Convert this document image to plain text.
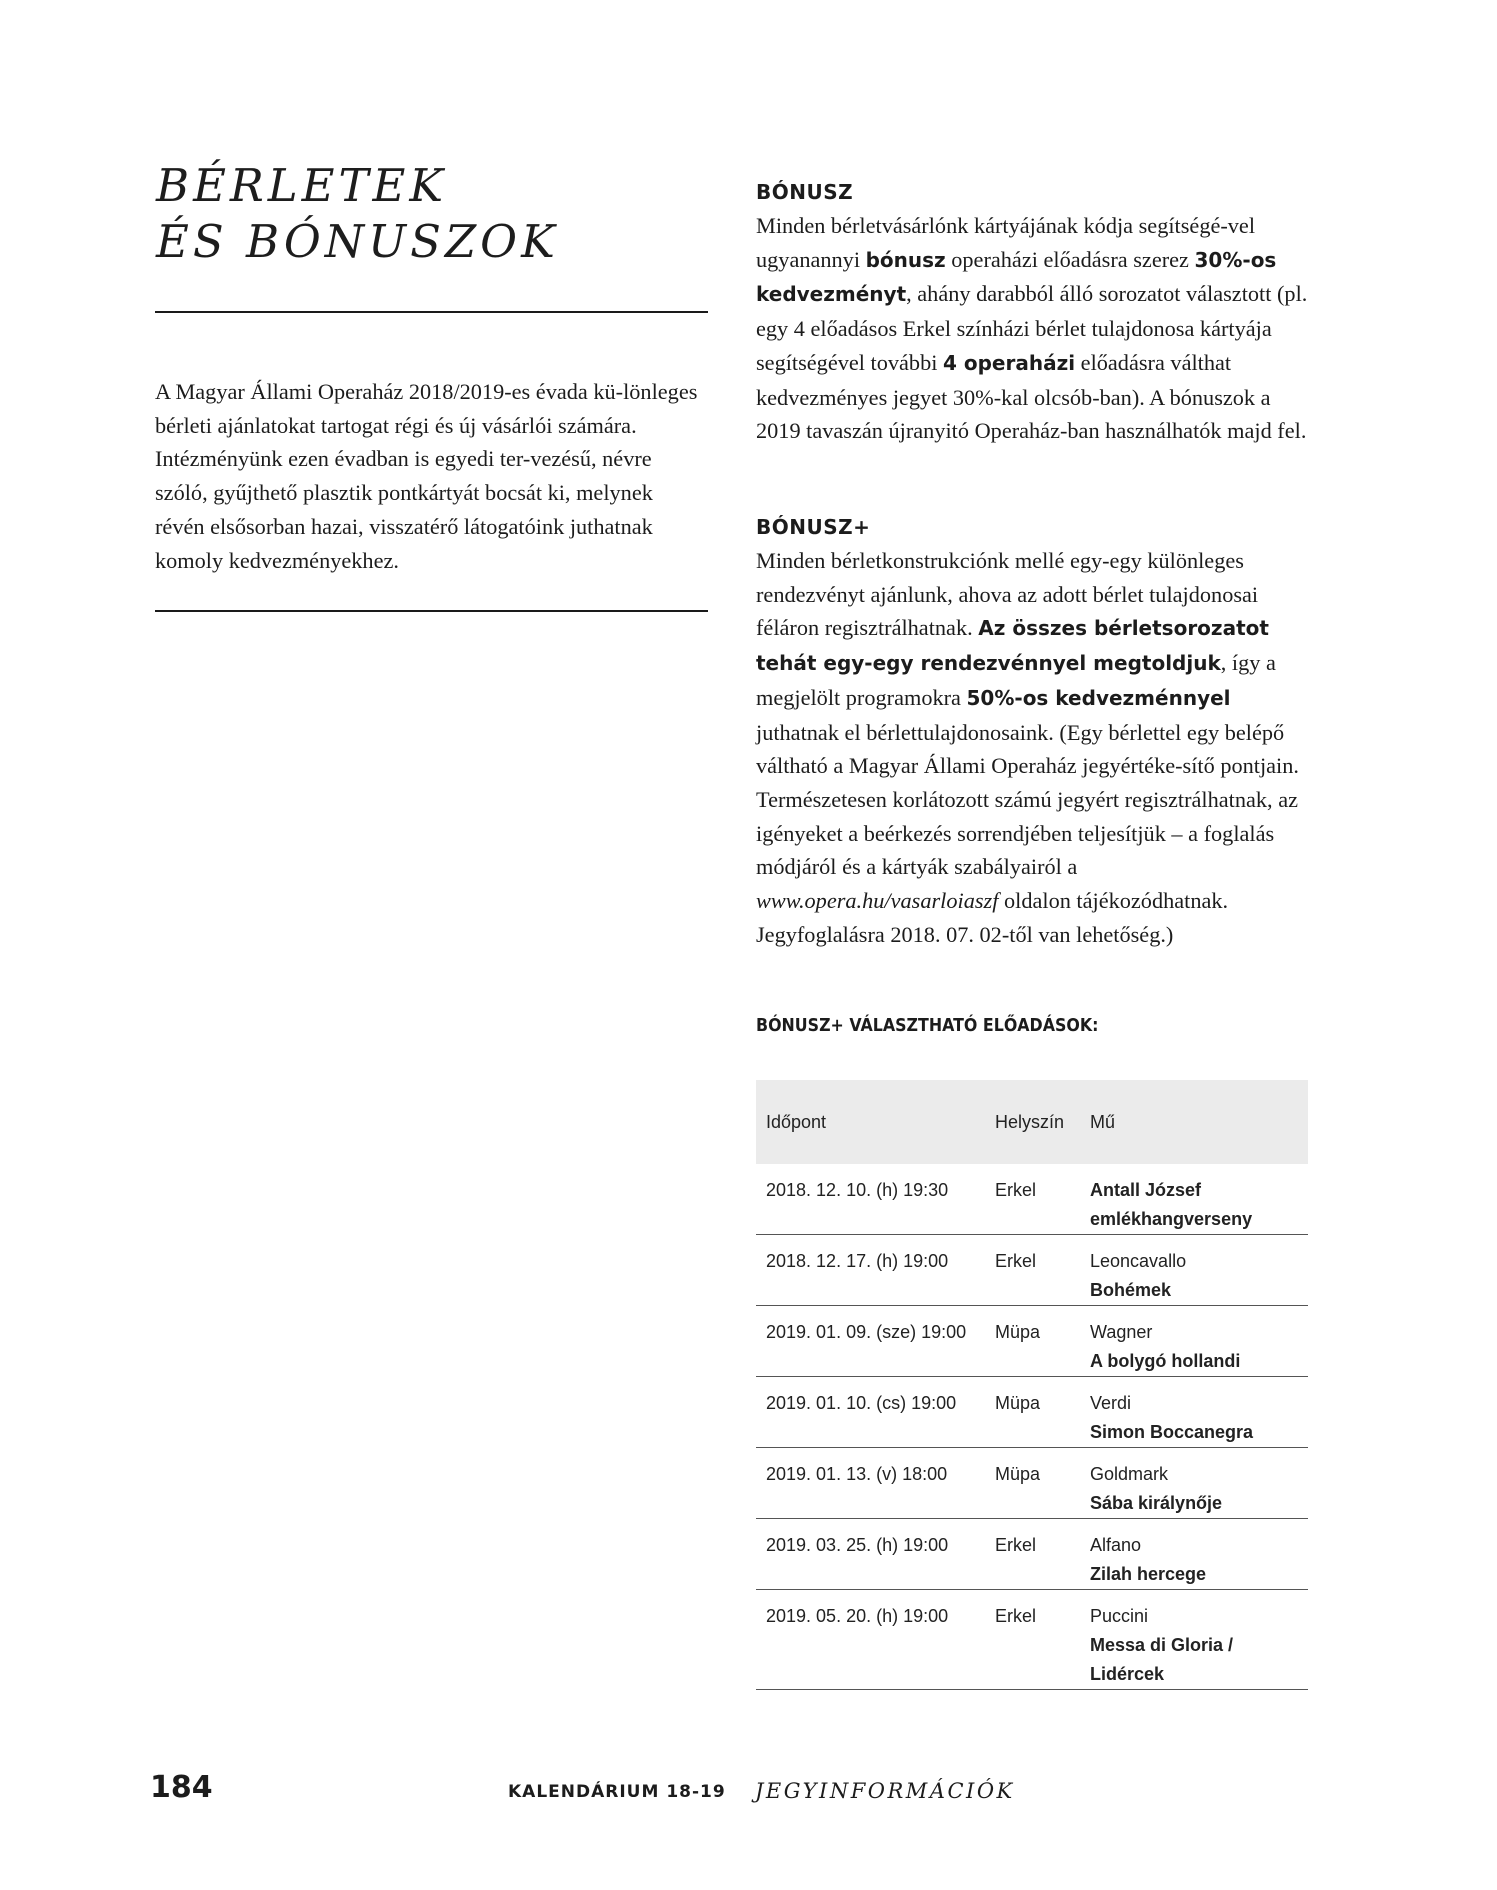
BÉRLETEK
ÉS BÓNUSZOK

A Magyar Állami Operaház 2018/2019-es évada kü-lönleges bérleti ajánlatokat tartogat régi és új vásárlói számára. Intézményünk ezen évadban is egyedi ter-vezésű, névre szóló, gyűjthető plasztik pontkártyát bocsát ki, melynek révén elsősorban hazai, visszatérő látogatóink juthatnak komoly kedvezményekhez.

BÓNUSZ

Minden bérletvásárlónk kártyájának kódja segítségé-vel ugyanannyi bónusz operaházi előadásra szerez 30%-os kedvezményt, ahány darabból álló sorozatot választott (pl. egy 4 előadásos Erkel színházi bérlet tulajdonosa kártyája segítségével további 4 operaházi előadásra válthat kedvezményes jegyet 30%-kal olcsób-ban). A bónuszok a 2019 tavaszán újranyitó Operaház-ban használhatók majd fel.

BÓNUSZ+

Minden bérletkonstrukciónk mellé egy-egy különleges rendezvényt ajánlunk, ahova az adott bérlet tulajdonosai féláron regisztrálhatnak. Az összes bérletsorozatot tehát egy-egy rendezvénnyel megtoldjuk, így a megjelölt programokra 50%-os kedvezménnyel juthatnak el bérlettulajdonosaink. (Egy bérlettel egy belépő váltható a Magyar Állami Operaház jegyértéke-sítő pontjain. Természetesen korlátozott számú jegyért regisztrálhatnak, az igényeket a beérkezés sorrendjében teljesítjük – a foglalás módjáról és a kártyák szabályairól a www.opera.hu/vasarloiaszf oldalon tájékozódhatnak. Jegyfoglalásra 2018. 07. 02-től van lehetőség.)

BÓNUSZ+ VÁLASZTHATÓ ELŐADÁSOK:

Időpont	Helyszín	Mű
2018. 12. 10. (h) 19:30	Erkel	Antall József emlékhangverseny

2018. 12. 17. (h) 19:00	Erkel	Leoncavallo
Bohémek

2019. 01. 09. (sze) 19:00	Müpa	Wagner
A bolygó hollandi

2019. 01. 10. (cs) 19:00	Müpa	Verdi
Simon Boccanegra

2019. 01. 13. (v) 18:00	Müpa	Goldmark
Sába királynője

2019. 03. 25. (h) 19:00	Erkel	Alfano
Zilah hercege

2019. 05. 20. (h) 19:00	Erkel	Puccini
Messa di Gloria / Lidércek
184	KALENDÁRIUM 18-19 JEGYINFORMÁCIÓK
